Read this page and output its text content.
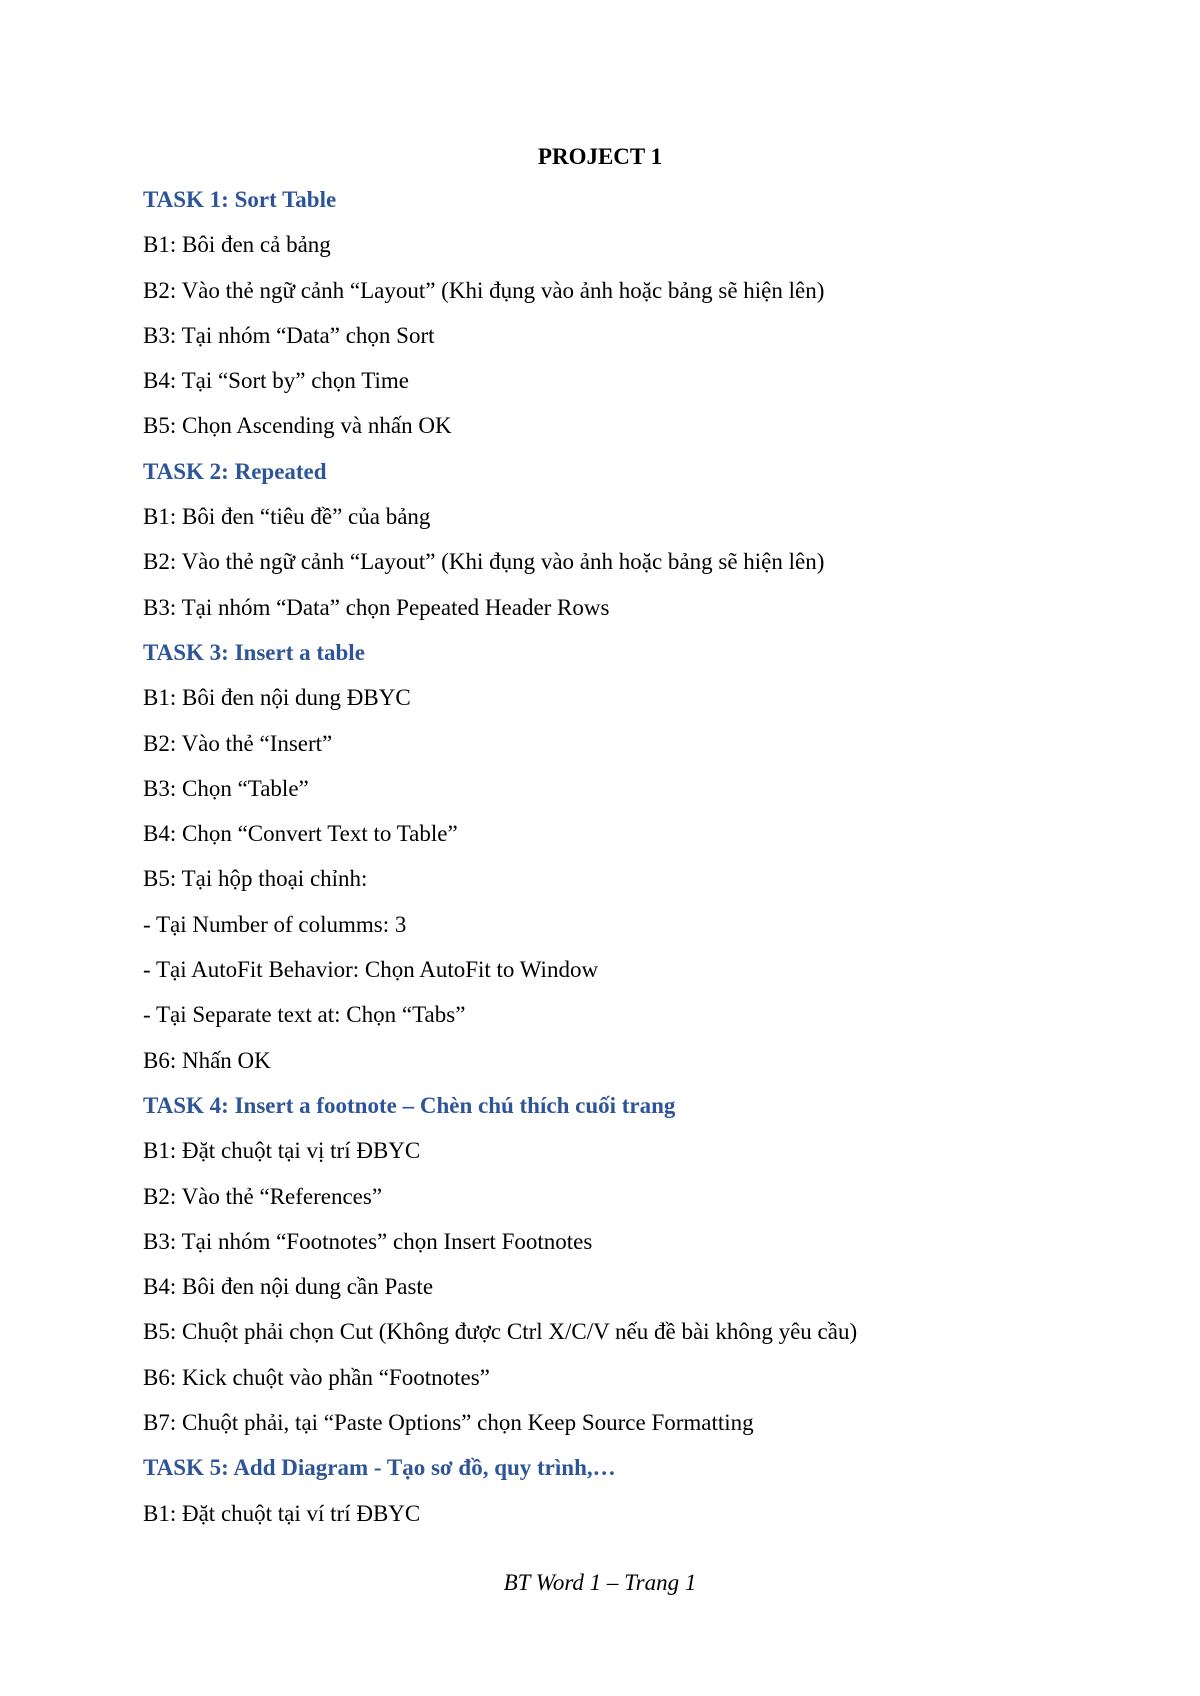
PROJECT 1
TASK 1: Sort Table
B1: Bôi đen cả bảng
B2: Vào thẻ ngữ cảnh “Layout” (Khi đụng vào ảnh hoặc bảng sẽ hiện lên)
B3: Tại nhóm “Data” chọn Sort
B4: Tại “Sort by” chọn Time
B5: Chọn Ascending và nhấn OK
TASK 2: Repeated
B1: Bôi đen “tiêu đề” của bảng
B2: Vào thẻ ngữ cảnh “Layout” (Khi đụng vào ảnh hoặc bảng sẽ hiện lên)
B3: Tại nhóm “Data” chọn Pepeated Header Rows
TASK 3: Insert a table
B1: Bôi đen nội dung ĐBYC
B2: Vào thẻ “Insert”
B3: Chọn “Table”
B4: Chọn “Convert Text to Table”
B5: Tại hộp thoại chỉnh:
- Tại Number of columms: 3
- Tại AutoFit Behavior: Chọn AutoFit to Window
- Tại Separate text at: Chọn “Tabs”
B6: Nhấn OK
TASK 4: Insert a footnote – Chèn chú thích cuối trang
B1: Đặt chuột tại vị trí ĐBYC
B2: Vào thẻ “References”
B3: Tại nhóm “Footnotes” chọn Insert Footnotes
B4: Bôi đen nội dung cần Paste
B5: Chuột phải chọn Cut (Không được Ctrl X/C/V nếu đề bài không yêu cầu)
B6: Kick chuột vào phần “Footnotes”
B7: Chuột phải, tại “Paste Options” chọn Keep Source Formatting
TASK 5: Add Diagram - Tạo sơ đồ, quy trình,…
B1: Đặt chuột tại ví trí ĐBYC
BT Word 1 – Trang 1
